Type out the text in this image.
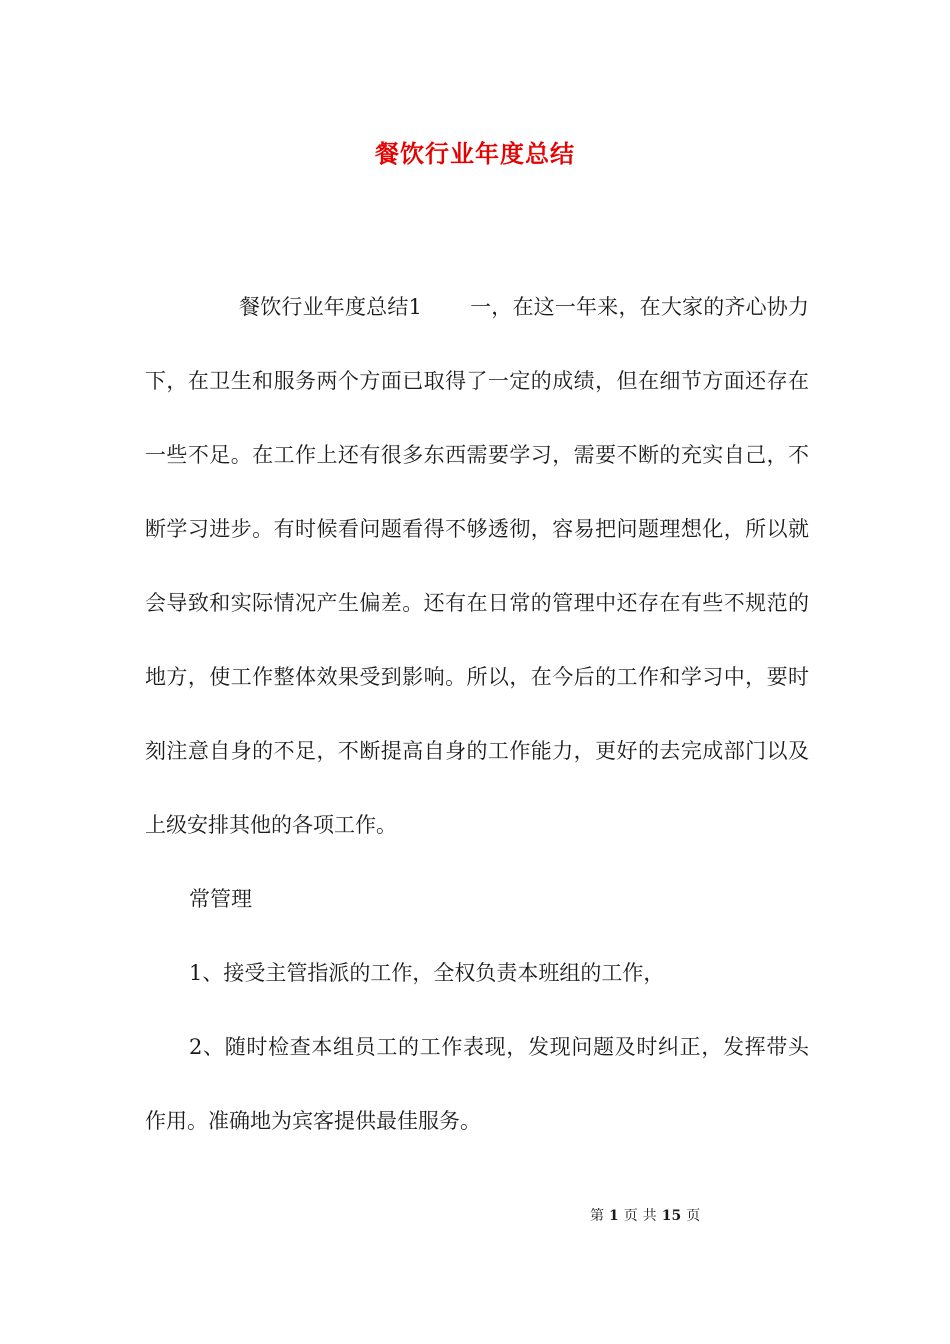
餐饮行业年度总结

餐饮行业年度总结1 一，在这一年来，在大家的齐心协力下，在卫生和服务两个方面已取得了一定的成绩，但在细节方面还存在一些不足。在工作上还有很多东西需要学习，需要不断的充实自己，不断学习进步。有时候看问题看得不够透彻，容易把问题理想化，所以就会导致和实际情况产生偏差。还有在日常的管理中还存在有些不规范的地方，使工作整体效果受到影响。所以，在今后的工作和学习中，要时刻注意自身的不足，不断提高自身的工作能力，更好的去完成部门以及上级安排其他的各项工作。

常管理

1、接受主管指派的工作，全权负责本班组的工作，

2、随时检查本组员工的工作表现，发现问题及时纠正，发挥带头作用。准确地为宾客提供最佳服务。

第 1 页 共 15 页
